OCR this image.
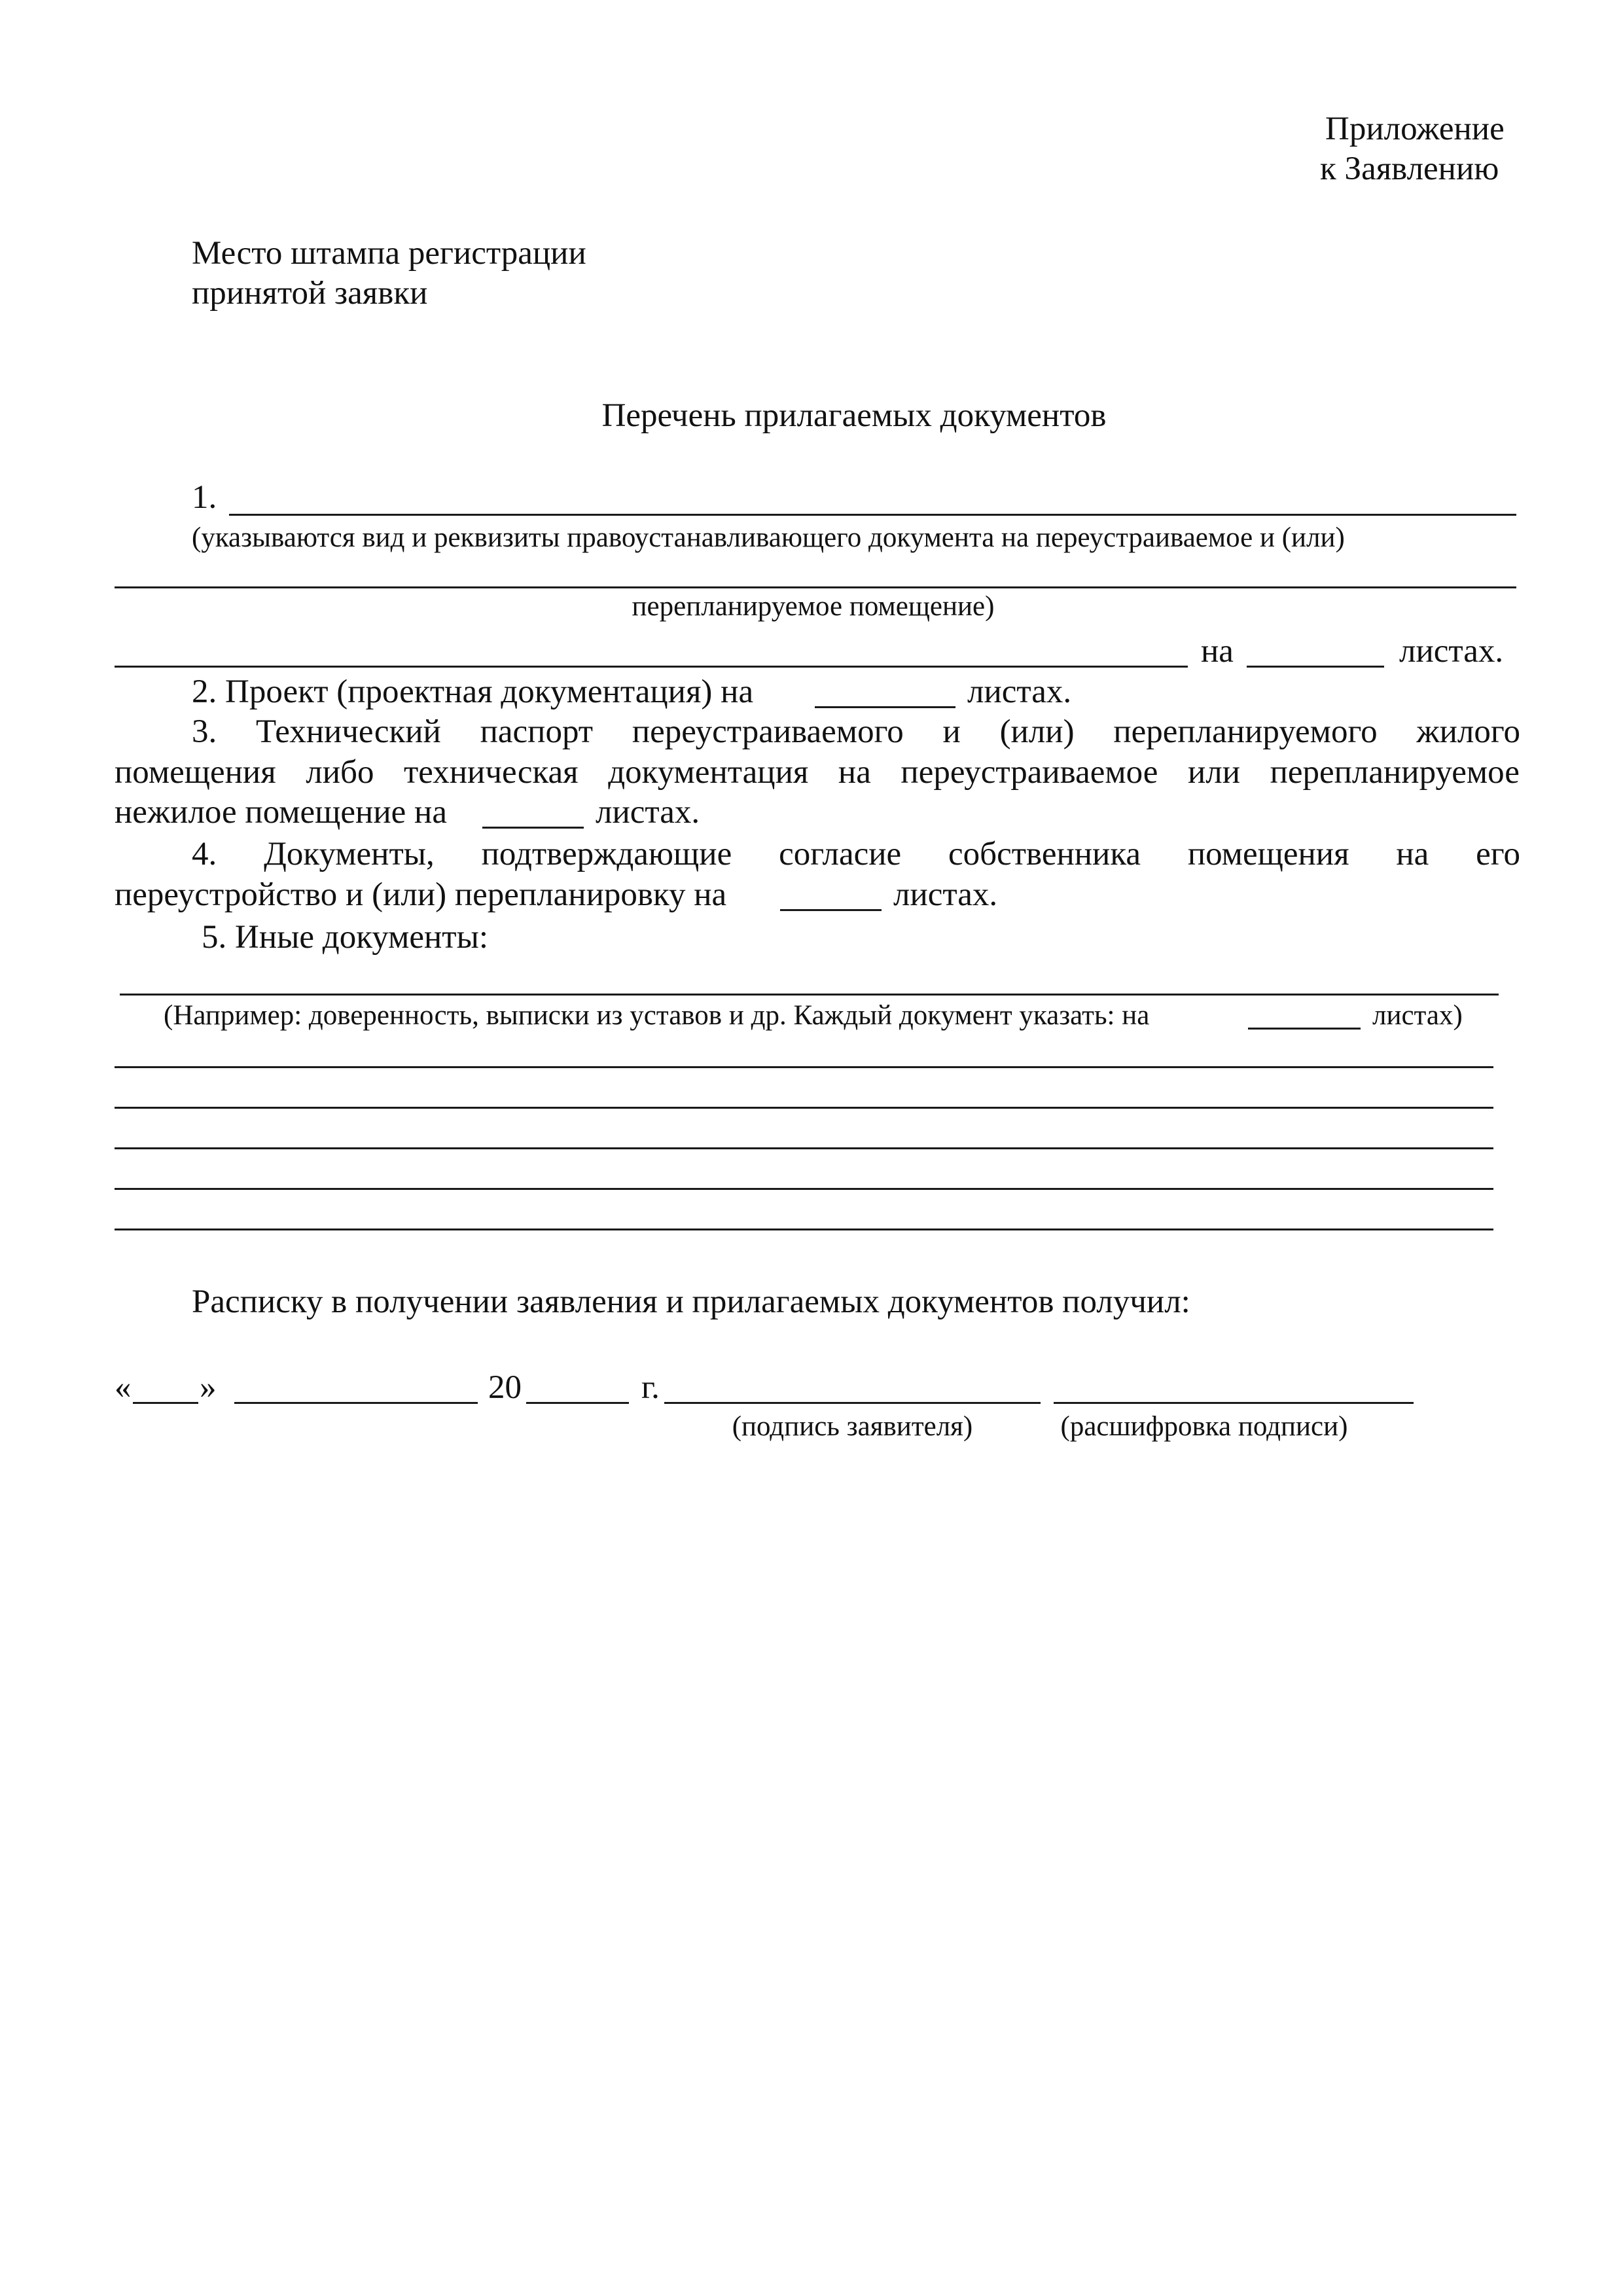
Приложение
к Заявлению
Место штампа регистрации
принятой заявки
Перечень прилагаемых документов
1.
(указываются вид и реквизиты правоустанавливающего документа на переустраиваемое и (или)
перепланируемое помещение)
на	листах.
2. Проект (проектная документация) на	листах.
3. Технический паспорт переустраиваемого и (или) перепланируемого жилого
помещения либо техническая документация на переустраиваемое или перепланируемое
нежилое помещение на	листах.
4. Документы, подтверждающие согласие собственника помещения на его
переустройство и (или) перепланировку на	листах.
5. Иные документы:
(Например: доверенность, выписки из уставов и др. Каждый документ указать: на	листах)
Расписку в получении заявления и прилагаемых документов получил:
« »	20	г.
(подпись заявителя)	(расшифровка подписи)
